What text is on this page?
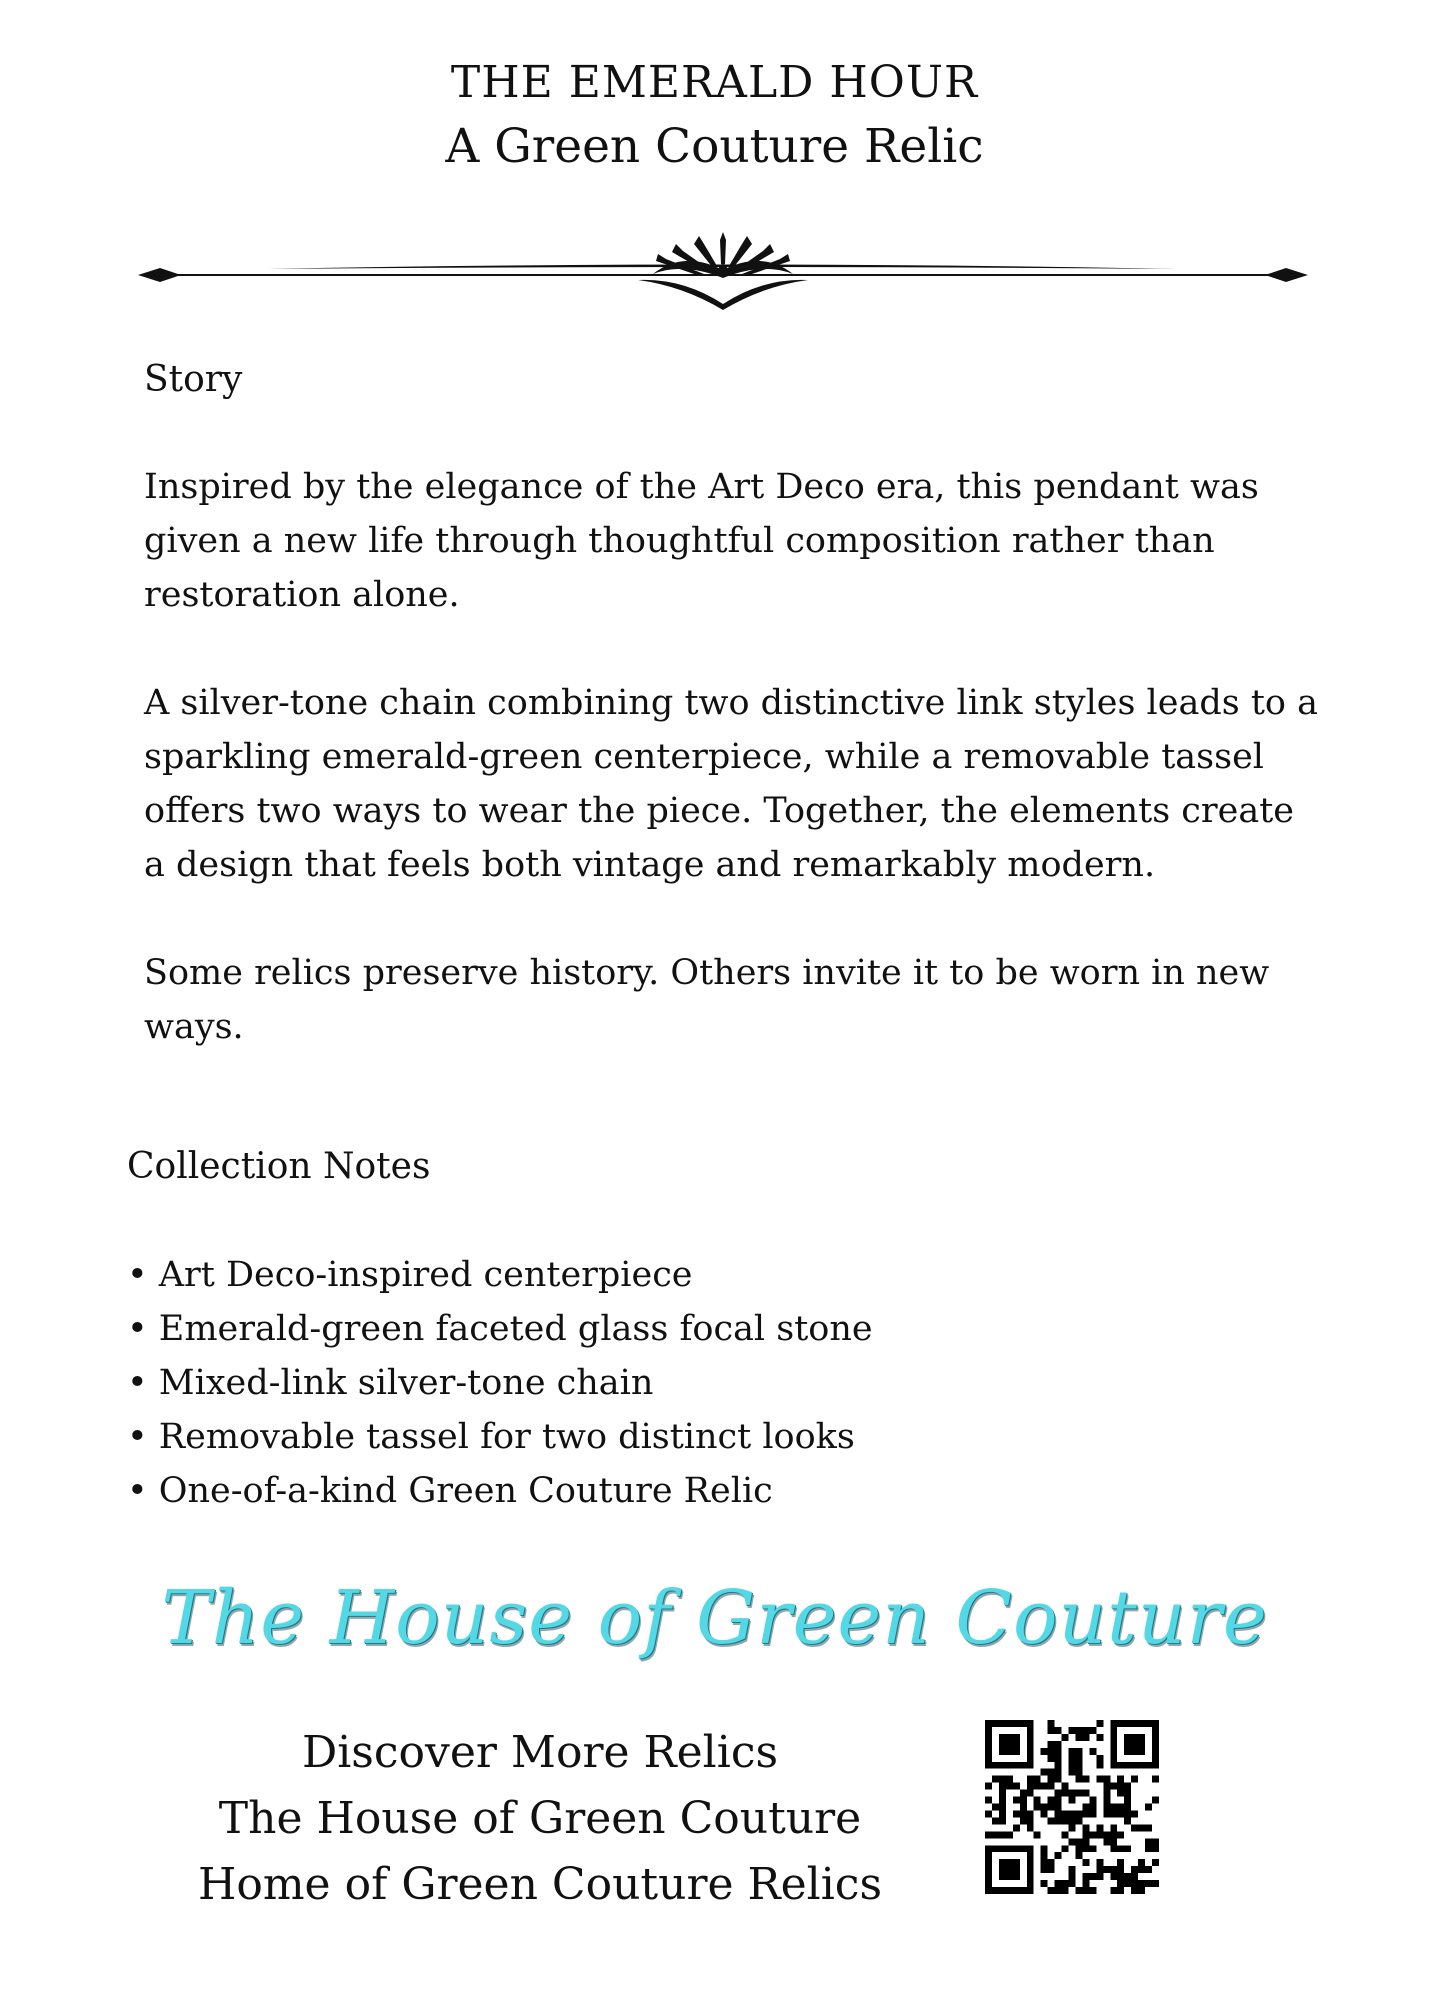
THE EMERALD HOUR
A Green Couture Relic
Story

Inspired by the elegance of the Art Deco era, this pendant was given a new life through thoughtful composition rather than restoration alone.

A silver-tone chain combining two distinctive link styles leads to a sparkling emerald-green centerpiece, while a removable tassel offers two ways to wear the piece. Together, the elements create a design that feels both vintage and remarkably modern.

Some relics preserve history. Others invite it to be worn in new ways.

Collection Notes
• Art Deco-inspired centerpiece
• Emerald-green faceted glass focal stone
• Mixed-link silver-tone chain
• Removable tassel for two distinct looks
• One-of-a-kind Green Couture Relic
The House of Green Couture
Discover More Relics
The House of Green Couture
Home of Green Couture Relics
